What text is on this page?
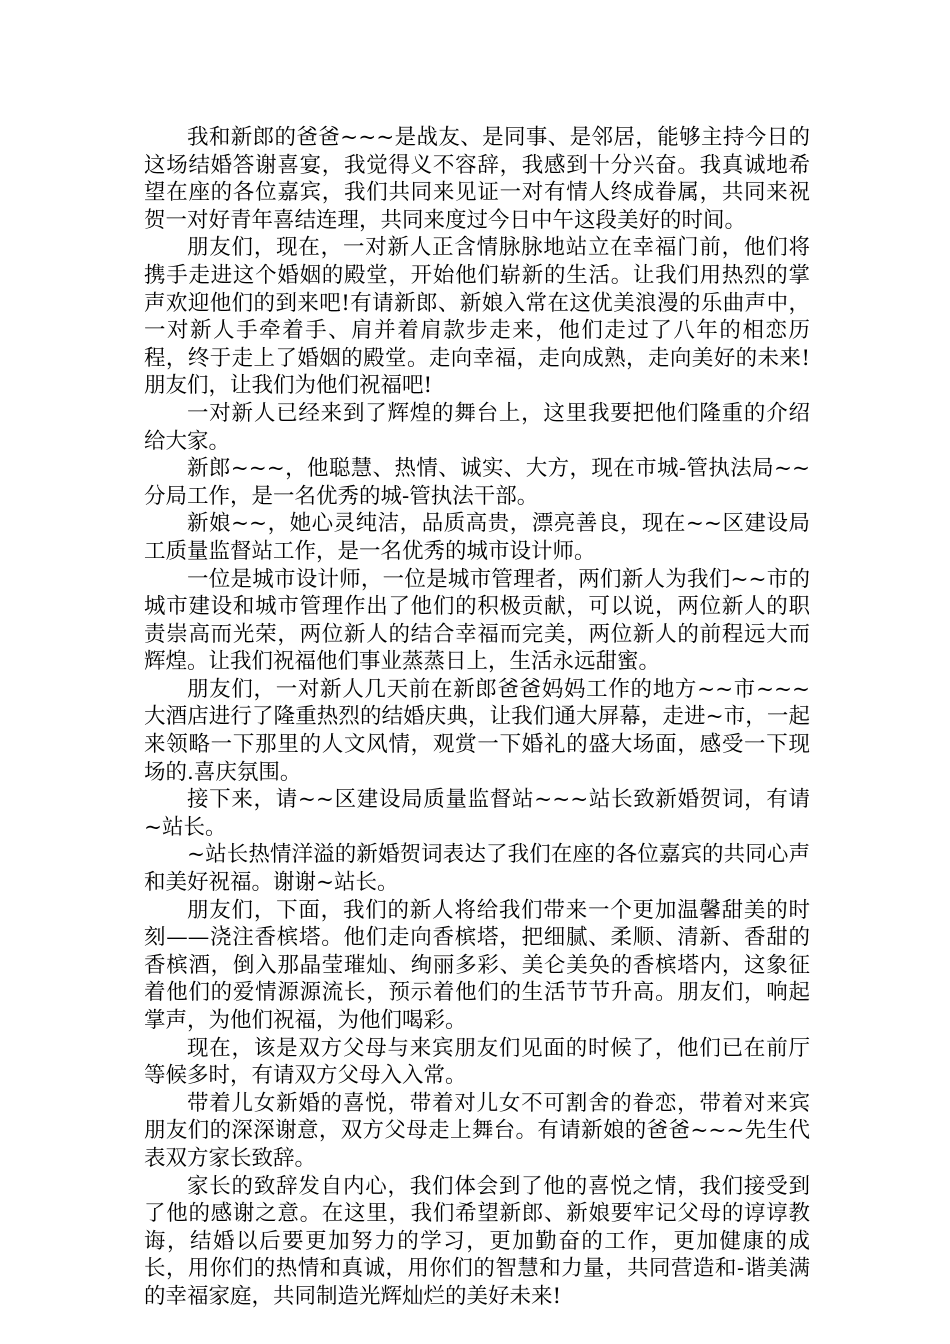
我和新郎的爸爸~~~是战友、是同事、是邻居，能够主持今日的这场结婚答谢喜宴，我觉得义不容辞，我感到十分兴奋。我真诚地希望在座的各位嘉宾，我们共同来见证一对有情人终成眷属，共同来祝贺一对好青年喜结连理，共同来度过今日中午这段美好的时间。

朋友们，现在，一对新人正含情脉脉地站立在幸福门前，他们将携手走进这个婚姻的殿堂，开始他们崭新的生活。让我们用热烈的掌声欢迎他们的到来吧!有请新郎、新娘入常在这优美浪漫的乐曲声中，一对新人手牵着手、肩并着肩款步走来，他们走过了八年的相恋历程，终于走上了婚姻的殿堂。走向幸福，走向成熟，走向美好的未来!朋友们，让我们为他们祝福吧!

一对新人已经来到了辉煌的舞台上，这里我要把他们隆重的介绍给大家。

新郎~~~，他聪慧、热情、诚实、大方，现在市城-管执法局~~分局工作，是一名优秀的城-管执法干部。

新娘~~，她心灵纯洁，品质高贵，漂亮善良，现在~~区建设局工质量监督站工作，是一名优秀的城市设计师。

一位是城市设计师，一位是城市管理者，两们新人为我们~~市的城市建设和城市管理作出了他们的积极贡献，可以说，两位新人的职责崇高而光荣，两位新人的结合幸福而完美，两位新人的前程远大而辉煌。让我们祝福他们事业蒸蒸日上，生活永远甜蜜。

朋友们，一对新人几天前在新郎爸爸妈妈工作的地方~~市~~~大酒店进行了隆重热烈的结婚庆典，让我们通大屏幕，走进~市，一起来领略一下那里的人文风情，观赏一下婚礼的盛大场面，感受一下现场的.喜庆氛围。

接下来，请~~区建设局质量监督站~~~站长致新婚贺词，有请~站长。

~站长热情洋溢的新婚贺词表达了我们在座的各位嘉宾的共同心声和美好祝福。谢谢~站长。

朋友们，下面，我们的新人将给我们带来一个更加温馨甜美的时刻——浇注香槟塔。他们走向香槟塔，把细腻、柔顺、清新、香甜的香槟酒，倒入那晶莹璀灿、绚丽多彩、美仑美奂的香槟塔内，这象征着他们的爱情源源流长，预示着他们的生活节节升高。朋友们，响起掌声，为他们祝福，为他们喝彩。

现在，该是双方父母与来宾朋友们见面的时候了，他们已在前厅等候多时，有请双方父母入入常。

带着儿女新婚的喜悦，带着对儿女不可割舍的眷恋，带着对来宾朋友们的深深谢意，双方父母走上舞台。有请新娘的爸爸~~~先生代表双方家长致辞。

家长的致辞发自内心，我们体会到了他的喜悦之情，我们接受到了他的感谢之意。在这里，我们希望新郎、新娘要牢记父母的谆谆教诲，结婚以后要更加努力的学习，更加勤奋的工作，更加健康的成长，用你们的热情和真诚，用你们的智慧和力量，共同营造和-谐美满的幸福家庭，共同制造光辉灿烂的美好未来!
